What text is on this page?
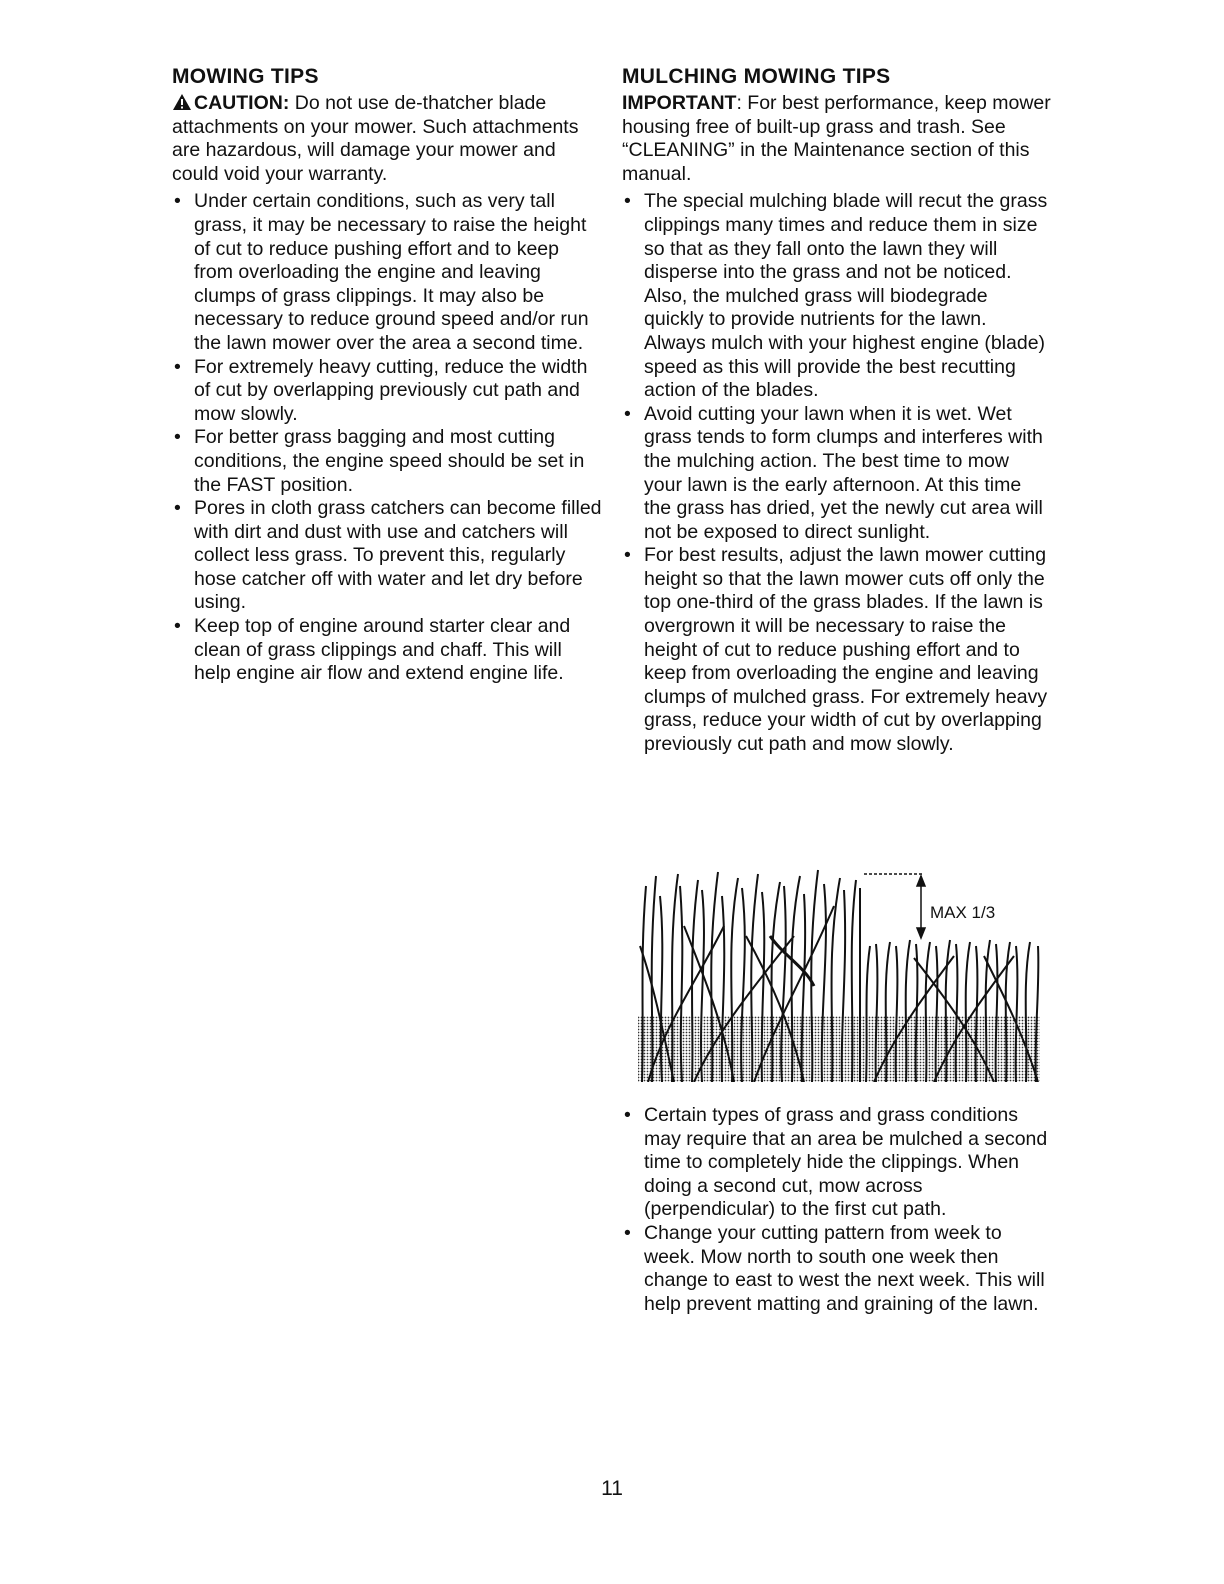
MOWING TIPS

CAUTION: Do not use de-thatcher blade attachments on your mower. Such attachments are hazardous, will damage your mower and could void your warranty.

• Under certain conditions, such as very tall grass, it may be necessary to raise the height of cut to reduce pushing effort and to keep from overloading the engine and leaving clumps of grass clippings. It may also be necessary to reduce ground speed and/or run the lawn mower over the area a second time.
• For extremely heavy cutting, reduce the width of cut by overlapping previously cut path and mow slowly.
• For better grass bagging and most cutting conditions, the engine speed should be set in the FAST position.
• Pores in cloth grass catchers can become filled with dirt and dust with use and catchers will collect less grass. To prevent this, regularly hose catcher off with water and let dry before using.
• Keep top of engine around starter clear and clean of grass clippings and chaff. This will help engine air flow and extend engine life.
MULCHING MOWING TIPS

IMPORTANT: For best performance, keep mower housing free of built-up grass and trash. See “CLEANING” in the Maintenance section of this manual.

• The special mulching blade will recut the grass clippings many times and reduce them in size so that as they fall onto the lawn they will disperse into the grass and not be noticed. Also, the mulched grass will biodegrade quickly to provide nutrients for the lawn. Always mulch with your highest engine (blade) speed as this will provide the best recutting action of the blades.
• Avoid cutting your lawn when it is wet. Wet grass tends to form clumps and interferes with the mulching action. The best time to mow your lawn is the early afternoon. At this time the grass has dried, yet the newly cut area will not be exposed to direct sunlight.
• For best results, adjust the lawn mower cutting height so that the lawn mower cuts off only the top one-third of the grass blades. If the lawn is overgrown it will be necessary to raise the height of cut to reduce pushing effort and to keep from overloading the engine and leaving clumps of mulched grass. For extremely heavy grass, reduce your width of cut by overlapping previously cut path and mow slowly.
MAX 1/3
• Certain types of grass and grass conditions may require that an area be mulched a second time to completely hide the clippings. When doing a second cut, mow across (perpendicular) to the first cut path.
• Change your cutting pattern from week to week. Mow north to south one week then change to east to west the next week. This will help prevent matting and graining of the lawn.
11
